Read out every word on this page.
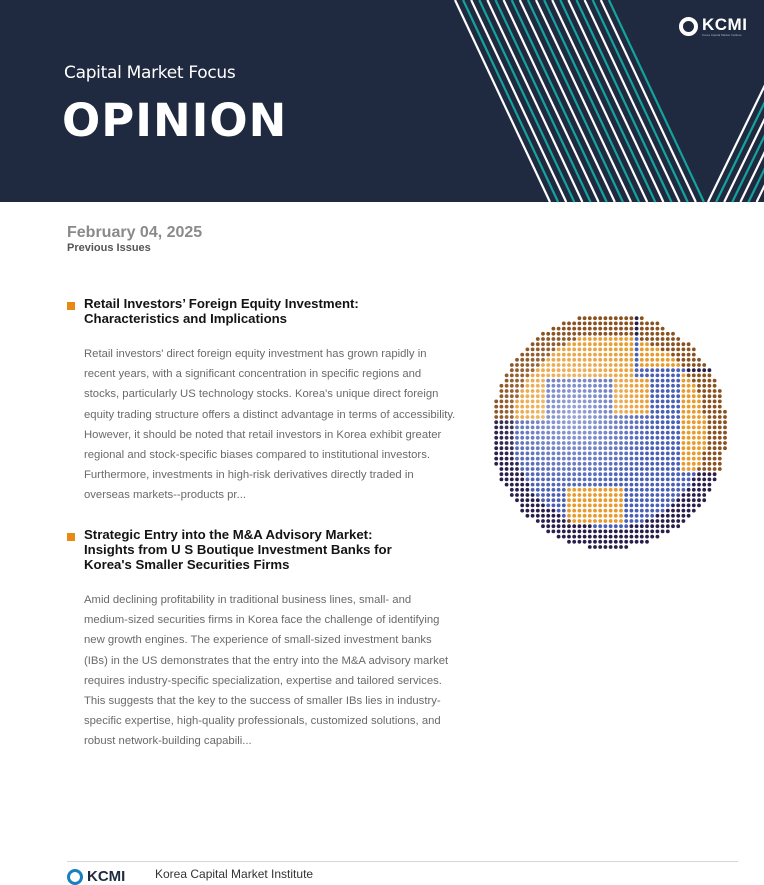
Capital Market Focus
OPINION
KCMI
Korea Capital Market Institute
February 04, 2025
Previous Issues
Retail Investors’ Foreign Equity Investment:
Characteristics and Implications
Retail investors' direct foreign equity investment has grown rapidly in recent years, with a significant concentration in specific regions and stocks, particularly US technology stocks. Korea's unique direct foreign equity trading structure offers a distinct advantage in terms of accessibility. However, it should be noted that retail investors in Korea exhibit greater regional and stock-specific biases compared to institutional investors. Furthermore, investments in high-risk derivatives directly traded in overseas markets--products pr...
Strategic Entry into the M&A Advisory Market:
Insights from U S Boutique Investment Banks for
Korea's Smaller Securities Firms
Amid declining profitability in traditional business lines, small- and medium-sized securities firms in Korea face the challenge of identifying new growth engines. The experience of small-sized investment banks (IBs) in the US demonstrates that the entry into the M&A advisory market requires industry-specific specialization, expertise and tailored services. This suggests that the key to the success of smaller IBs lies in industry-specific expertise, high-quality professionals, customized solutions, and robust network-building capabili...
KCMI Korea Capital Market Institute
